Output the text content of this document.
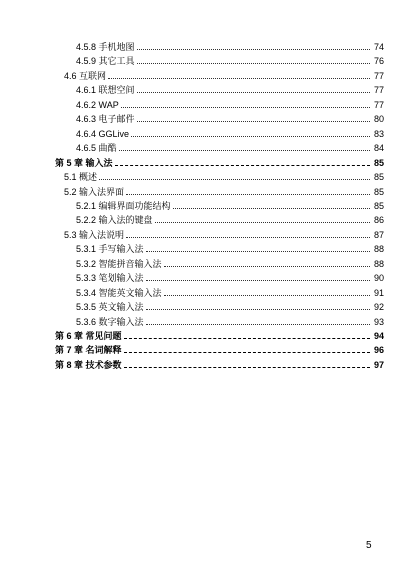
4.5.8 手机地图	74
4.5.9 其它工具	76
4.6 互联网	77
4.6.1 联想空间	77
4.6.2 WAP	77
4.6.3 电子邮件	80
4.6.4 GGLive	83
4.6.5 曲酷	84
第 5 章 输入法	85
5.1 概述	85
5.2 输入法界面	85
5.2.1 编辑界面功能结构	85
5.2.2 输入法的键盘	86
5.3 输入法说明	87
5.3.1 手写输入法	88
5.3.2 智能拼音输入法	88
5.3.3 笔划输入法	90
5.3.4 智能英文输入法	91
5.3.5 英文输入法	92
5.3.6 数字输入法	93
第 6 章 常见问题	94
第 7 章 名词解释	96
第 8 章 技术参数	97
5
